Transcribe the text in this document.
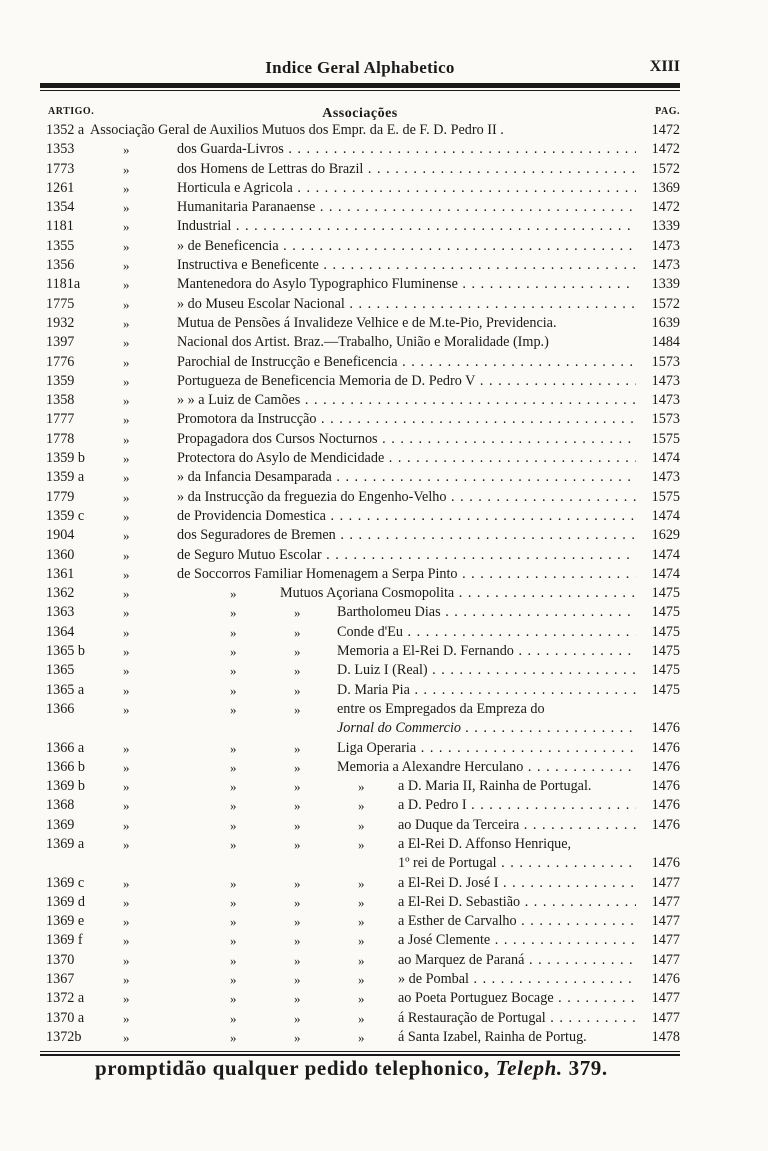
Indice Geral Alphabetico	XIII
ARTIGO.	Associações	PAG.
1352 a Associação Geral de Auxilios Mutuos dos Empr. da E. de F. D. Pedro II .	1472
1353	»	dos Guarda-Livros . . .	1472
1773	»	dos Homens de Lettras do Brazil . . .	1572
1261	»	Horticula e Agricola . . .	1369
1354	»	Humanitaria Paranaense . . .	1472
1181	»	Industrial . . .	1339
1355	»	» de Beneficencia . . .	1473
1356	»	Instructiva e Beneficente . . .	1473
1181a	»	Mantenedora do Asylo Typographico Fluminense . . .	1339
1775	»	» do Museu Escolar Nacional . . .	1572
1932	»	Mutua de Pensões á Invalideze Velhice e de M.te-Pio, Previdencia.	1639
1397	»	Nacional dos Artist. Braz.—Trabalho, União e Moralidade (Imp.)	1484
1776	»	Parochial de Instrucção e Beneficencia . . .	1573
1359	»	Portugueza de Beneficencia Memoria de D. Pedro V . . .	1473
1358	»	» » a Luiz de Camões . . .	1473
1777	»	Promotora da Instrucção . . .	1573
1778	»	Propagadora dos Cursos Nocturnos . . .	1575
1359 b	»	Protectora do Asylo de Mendicidade . . .	1474
1359 a	»	» da Infancia Desamparada . . .	1473
1779	»	» da Instrucção da freguezia do Engenho-Velho . . .	1575
1359 c	»	de Providencia Domestica . . .	1474
1904	»	dos Seguradores de Bremen . . .	1629
1360	»	de Seguro Mutuo Escolar . . .	1474
1361	»	de Soccorros Familiar Homenagem a Serpa Pinto . . .	1474
1362	»	»	Mutuos Açoriana Cosmopolita . . .	1475
1363	»	»	»	Bartholomeu Dias . . .	1475
1364	»	»	»	Conde d'Eu . . .	1475
1365 b	»	»	»	Memoria a El-Rei D. Fernando . . .	1475
1365	»	»	»	D. Luiz I (Real) . . .	1475
1365 a	»	»	»	D. Maria Pia . . .	1475
1366	»	»	»	entre os Empregados da Empreza do
Jornal do Commercio . . .	1476
1366 a	»	»	»	Liga Operaria . . .	1476
1366 b	»	»	»	Memoria a Alexandre Herculano . . .	1476
1369 b	»	»	»	» a D. Maria II, Rainha de Portugal.	1476
1368	»	»	»	» a D. Pedro I . . .	1476
1369	»	»	»	» ao Duque da Terceira . . .	1476
1369 a	»	»	»	» a El-Rei D. Affonso Henrique,
1º rei de Portugal . . .	1476
1369 c	»	»	»	» a El-Rei D. José I . . .	1477
1369 d	»	»	»	» a El-Rei D. Sebastião . . .	1477
1369 e	»	»	»	» a Esther de Carvalho . . .	1477
1369 f	»	»	»	» a José Clemente . . .	1477
1370	»	»	»	» ao Marquez de Paraná . . .	1477
1367	»	»	»	» » de Pombal . . .	1476
1372 a	»	»	»	» ao Poeta Portuguez Bocage . . .	1477
1370 a	»	»	»	» á Restauração de Portugal . . .	1477
1372b	»	»	»	» á Santa Izabel, Rainha de Portug.	1478
promptidão qualquer pedido telephonico, Teleph. 379.
